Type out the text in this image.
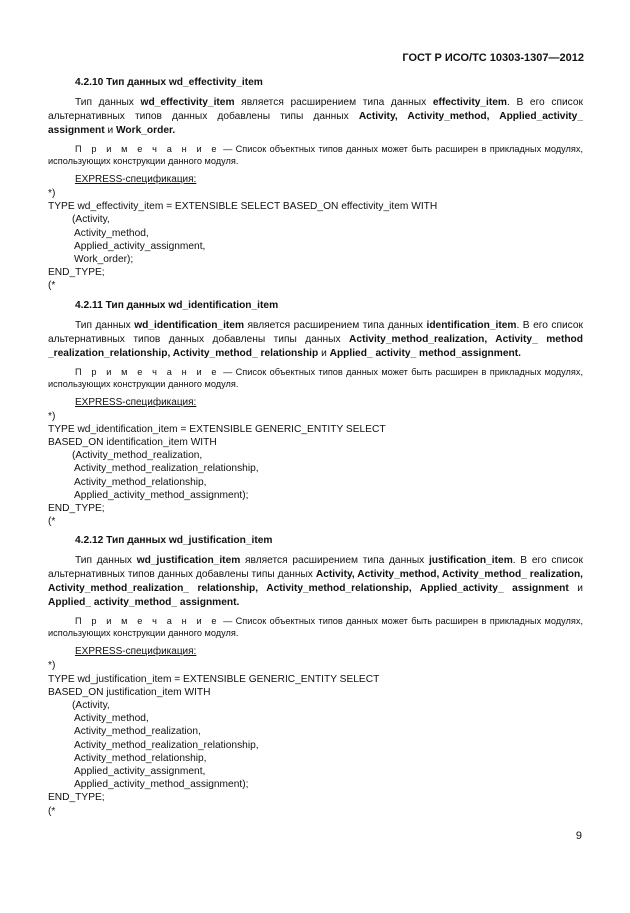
ГОСТ Р ИСО/ТС 10303-1307—2012
4.2.10 Тип данных wd_effectivity_item
Тип данных wd_effectivity_item является расширением типа данных effectivity_item. В его список альтернативных типов данных добавлены типы данных Activity, Activity_method, Applied_activity_ assignment и Work_order.
П р и м е ч а н и е — Список объектных типов данных может быть расширен в прикладных модулях, использующих конструкции данного модуля.
EXPRESS-спецификация:
*)
TYPE wd_effectivity_item = EXTENSIBLE SELECT BASED_ON effectivity_item WITH
(Activity,
Activity_method,
Applied_activity_assignment,
Work_order);
END_TYPE;
(*
4.2.11 Тип данных wd_identification_item
Тип данных wd_identification_item является расширением типа данных identification_item. В его список альтернативных типов данных добавлены типы данных Activity_method_realization, Activity_ method _realization_relationship, Activity_method_ relationship и Applied_ activity_ method_assignment.
П р и м е ч а н и е — Список объектных типов данных может быть расширен в прикладных модулях, использующих конструкции данного модуля.
EXPRESS-спецификация:
*)
TYPE wd_identification_item = EXTENSIBLE GENERIC_ENTITY SELECT
BASED_ON identification_item WITH
(Activity_method_realization,
Activity_method_realization_relationship,
Activity_method_relationship,
Applied_activity_method_assignment);
END_TYPE;
(*
4.2.12 Тип данных wd_justification_item
Тип данных wd_justification_item является расширением типа данных justification_item. В его список альтернативных типов данных добавлены типы данных Activity, Activity_method, Activity_method_ realization, Activity_method_realization_ relationship, Activity_method_relationship, Applied_activity_ assignment и Applied_ activity_method_ assignment.
П р и м е ч а н и е — Список объектных типов данных может быть расширен в прикладных модулях, использующих конструкции данного модуля.
EXPRESS-спецификация:
*)
TYPE wd_justification_item = EXTENSIBLE GENERIC_ENTITY SELECT
BASED_ON justification_item WITH
(Activity,
Activity_method,
Activity_method_realization,
Activity_method_realization_relationship,
Activity_method_relationship,
Applied_activity_assignment,
Applied_activity_method_assignment);
END_TYPE;
(*
9
